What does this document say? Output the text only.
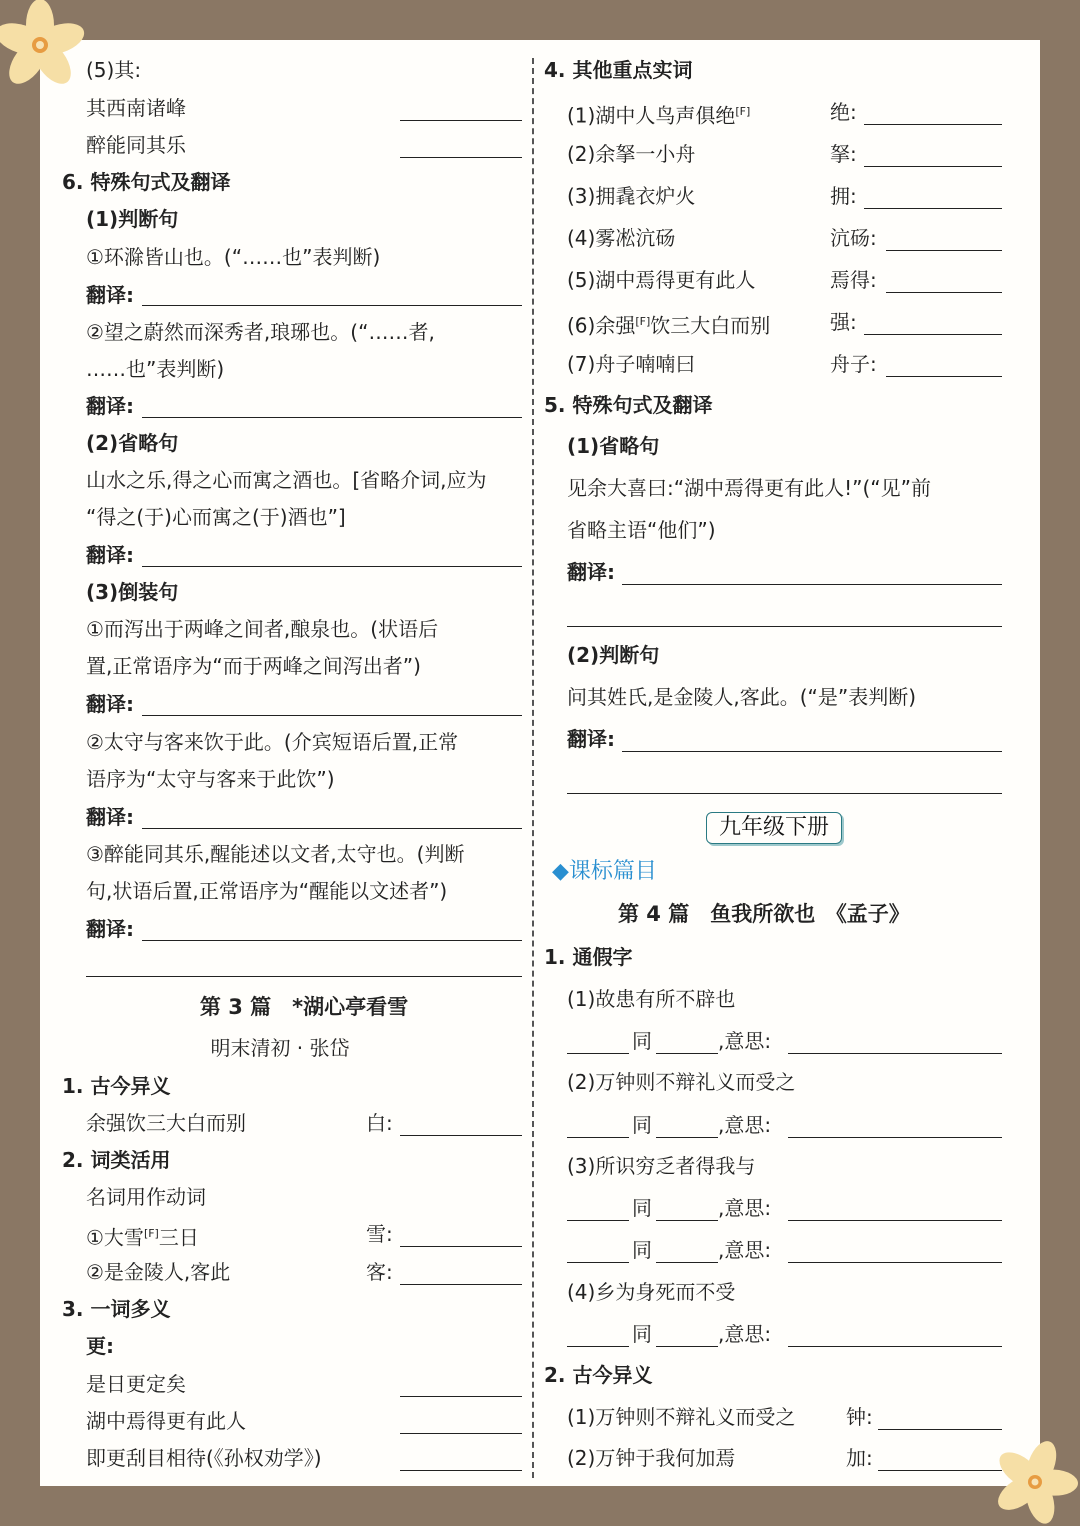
(5)其:
其西南诸峰
醉能同其乐
6. 特殊句式及翻译
(1)判断句
①环滁皆山也。(“……也”表判断)
翻译:
②望之蔚然而深秀者,琅琊也。(“……者,
……也”表判断)
翻译:
(2)省略句
山水之乐,得之心而寓之酒也。[省略介词,应为
“得之(于)心而寓之(于)酒也”]
翻译:
(3)倒装句
①而泻出于两峰之间者,酿泉也。(状语后
置,正常语序为“而于两峰之间泻出者”)
翻译:
②太守与客来饮于此。(介宾短语后置,正常
语序为“太守与客来于此饮”)
翻译:
③醉能同其乐,醒能述以文者,太守也。(判断
句,状语后置,正常语序为“醒能以文述者”)
翻译:
第 3 篇　*湖心亭看雪
明末清初 · 张岱
1. 古今异义
余强饮三大白而别	白:
2. 词类活用
名词用作动词
①大雪[F]三日	雪:
②是金陵人,客此	客:
3. 一词多义
更:
是日更定矣
湖中焉得更有此人
即更刮目相待(《孙权劝学》)
4. 其他重点实词
(1)湖中人鸟声俱绝[F]	绝:
(2)余拏一小舟	拏:
(3)拥毳衣炉火	拥:
(4)雾凇沆砀	沆砀:
(5)湖中焉得更有此人	焉得:
(6)余强[F]饮三大白而别	强:
(7)舟子喃喃曰	舟子:
5. 特殊句式及翻译
(1)省略句
见余大喜曰:“湖中焉得更有此人!”(“见”前
省略主语“他们”)
翻译:
(2)判断句
问其姓氏,是金陵人,客此。(“是”表判断)
翻译:
九年级下册
◆课标篇目
第 4 篇　鱼我所欲也　《孟子》
1. 通假字
(1)故患有所不辟也
同	,意思:
(2)万钟则不辩礼义而受之
同	,意思:
(3)所识穷乏者得我与
同	,意思:
同	,意思:
(4)乡为身死而不受
同	,意思:
2. 古今异义
(1)万钟则不辩礼义而受之	钟:
(2)万钟于我何加焉	加:
